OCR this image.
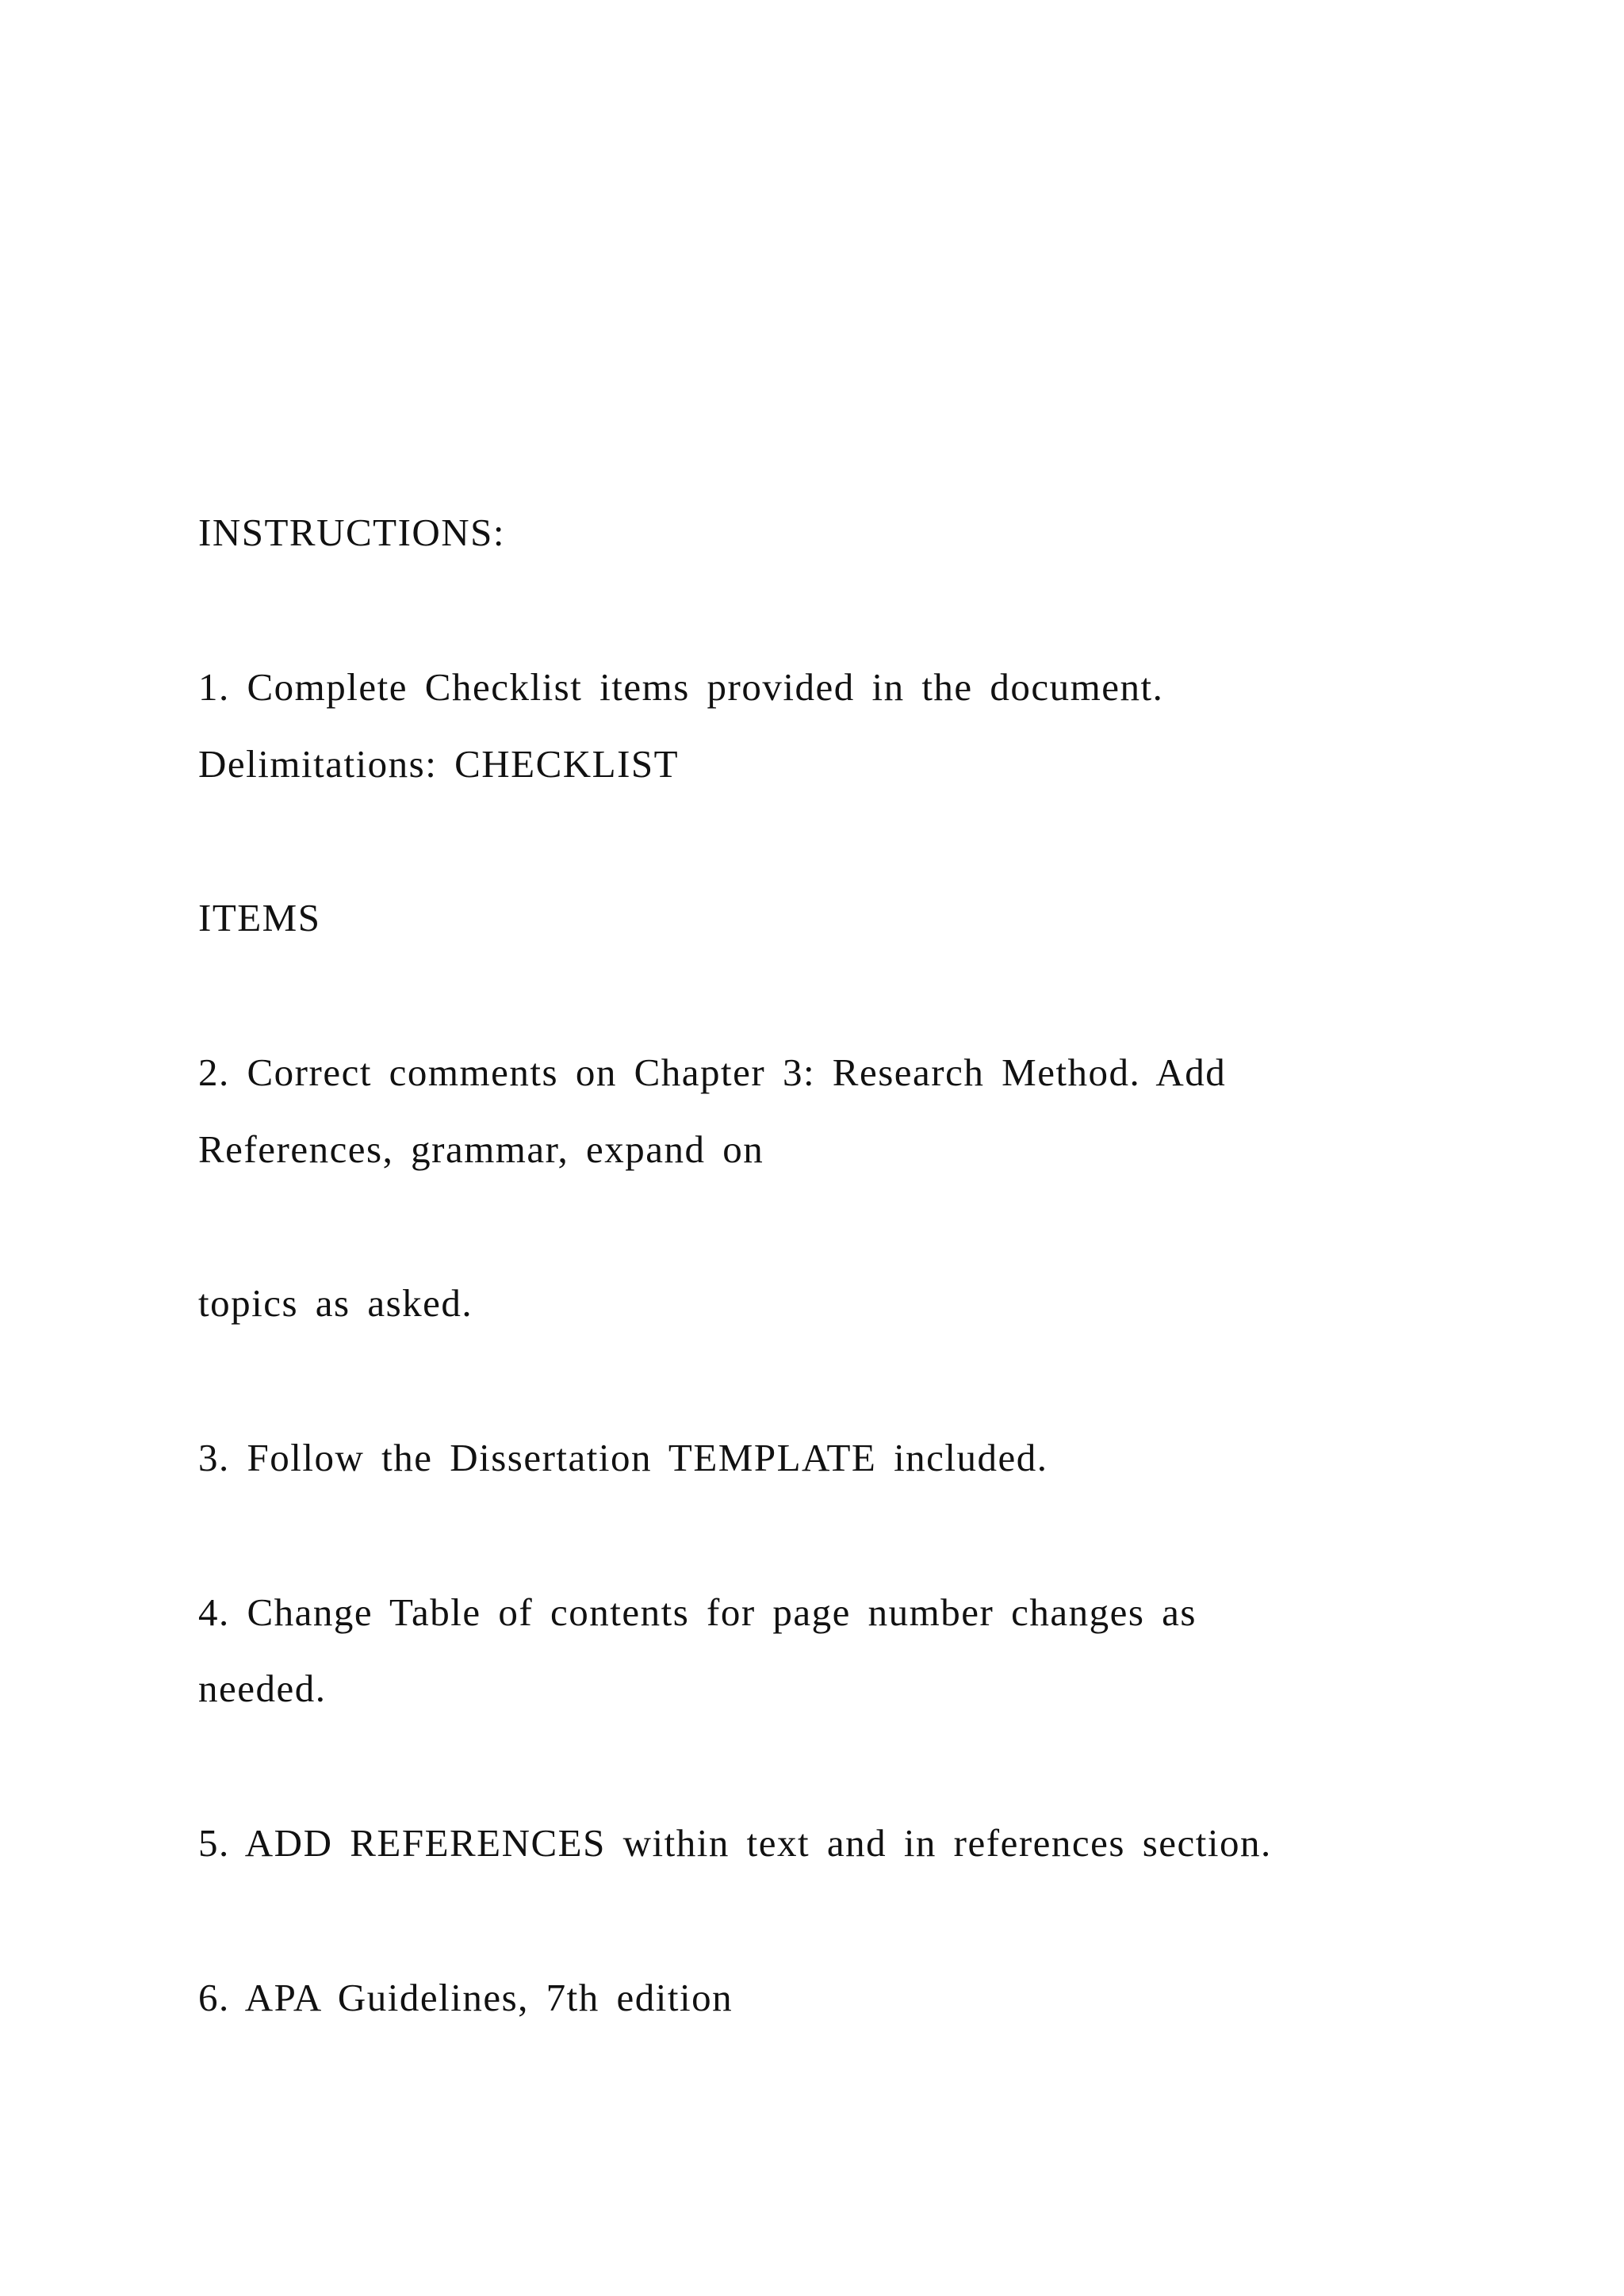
INSTRUCTIONS:
1. Complete Checklist items provided in the document.
Delimitations: CHECKLIST
ITEMS
2. Correct comments on Chapter 3: Research Method. Add
References, grammar, expand on
topics as asked.
3. Follow the Dissertation TEMPLATE included.
4. Change Table of contents for page number changes as
needed.
5. ADD REFERENCES within text and in references section.
6. APA Guidelines, 7th edition
